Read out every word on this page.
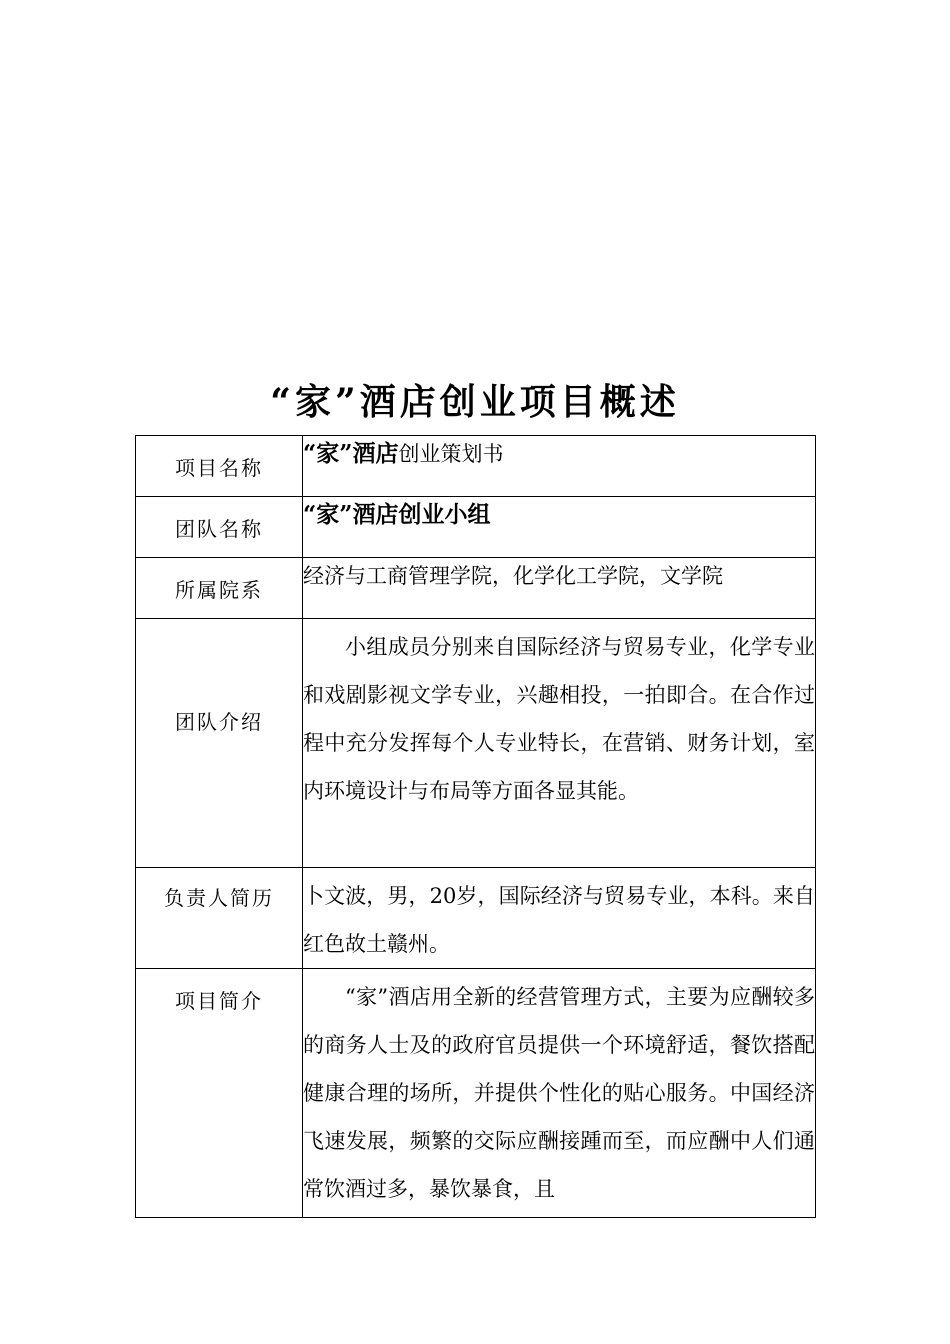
“家”酒店创业项目概述
项目名称	“家”酒店创业策划书
团队名称	“家”酒店创业小组

所属院系	经济与工商管理学院，化学化工学院，文学院

团队介绍	小组成员分别来自国际经济与贸易专业，化学专业和戏剧影视文学专业，兴趣相投，一拍即合。在合作过程中充分发挥每个人专业特长，在营销、财务计划，室内环境设计与布局等方面各显其能。

负责人简历	卜文波，男，20岁，国际经济与贸易专业，本科。来自红色故土赣州。

项目简介	“家”酒店用全新的经营管理方式，主要为应酬较多的商务人士及的政府官员提供一个环境舒适，餐饮搭配健康合理的场所，并提供个性化的贴心服务。中国经济飞速发展，频繁的交际应酬接踵而至，而应酬中人们通常饮酒过多，暴饮暴食，且
